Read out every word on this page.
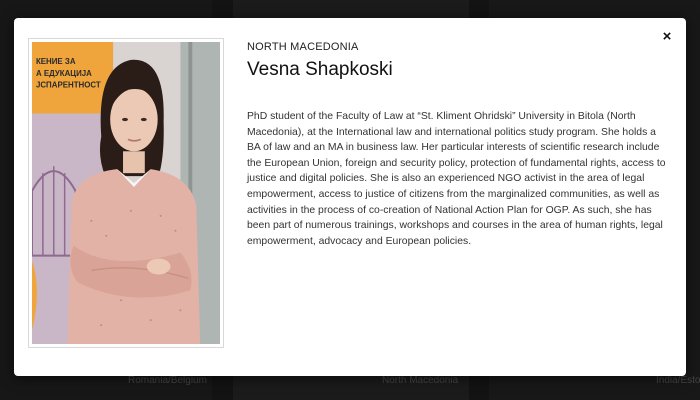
×
КЕНИЕ ЗА
А ЕДУКАЦИЈА
ЈСПАРЕНТНОСТ
NORTH MACEDONIA
Vesna Shapkoski

PhD student of the Faculty of Law at “St. Kliment Ohridski” University in Bitola (North Macedonia), at the International law and international politics study program. She holds a BA of law and an MA in business law. Her particular interests of scientific research include the European Union, foreign and security policy, protection of fundamental rights, access to justice and digital policies. She is also an experienced NGO activist in the area of legal empowerment, access to justice of citizens from the marginalized communities, as well as activities in the process of co-creation of National Action Plan for OGP. As such, she has been part of numerous trainings, workshops and courses in the area of human rights, legal empowerment, advocacy and European policies.
